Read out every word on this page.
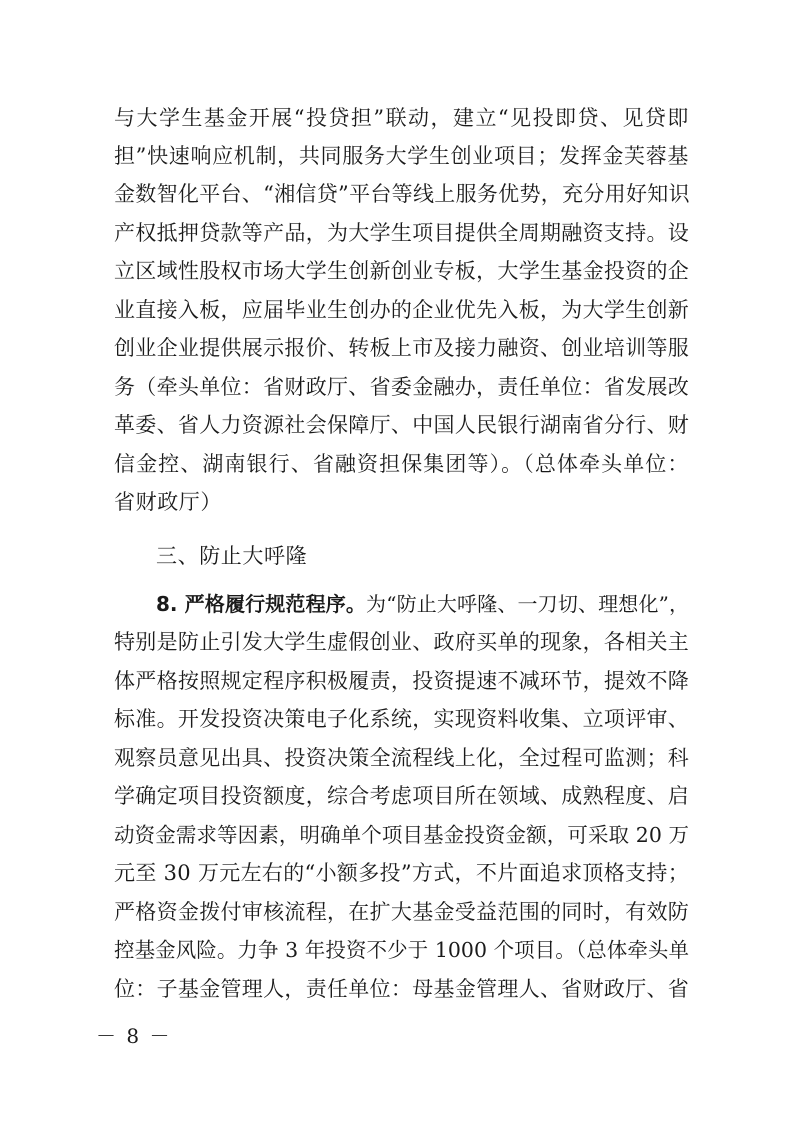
与大学生基金开展“投贷担”联动，建立“见投即贷、见贷即
担”快速响应机制，共同服务大学生创业项目；发挥金芙蓉基
金数智化平台、“湘信贷”平台等线上服务优势，充分用好知识
产权抵押贷款等产品，为大学生项目提供全周期融资支持。设
立区域性股权市场大学生创新创业专板，大学生基金投资的企
业直接入板，应届毕业生创办的企业优先入板，为大学生创新
创业企业提供展示报价、转板上市及接力融资、创业培训等服
务（牵头单位：省财政厅、省委金融办，责任单位：省发展改
革委、省人力资源社会保障厅、中国人民银行湖南省分行、财
信金控、湖南银行、省融资担保集团等）。（总体牵头单位：
省财政厅）
三、防止大呼隆
8. 严格履行规范程序。为“防止大呼隆、一刀切、理想化”，
特别是防止引发大学生虚假创业、政府买单的现象，各相关主
体严格按照规定程序积极履责，投资提速不减环节，提效不降
标准。开发投资决策电子化系统，实现资料收集、立项评审、
观察员意见出具、投资决策全流程线上化，全过程可监测；科
学确定项目投资额度，综合考虑项目所在领域、成熟程度、启
动资金需求等因素，明确单个项目基金投资金额，可采取 20 万
元至 30 万元左右的“小额多投”方式，不片面追求顶格支持；
严格资金拨付审核流程，在扩大基金受益范围的同时，有效防
控基金风险。力争 3 年投资不少于 1000 个项目。（总体牵头单
位：子基金管理人，责任单位：母基金管理人、省财政厅、省
－ 8 －
